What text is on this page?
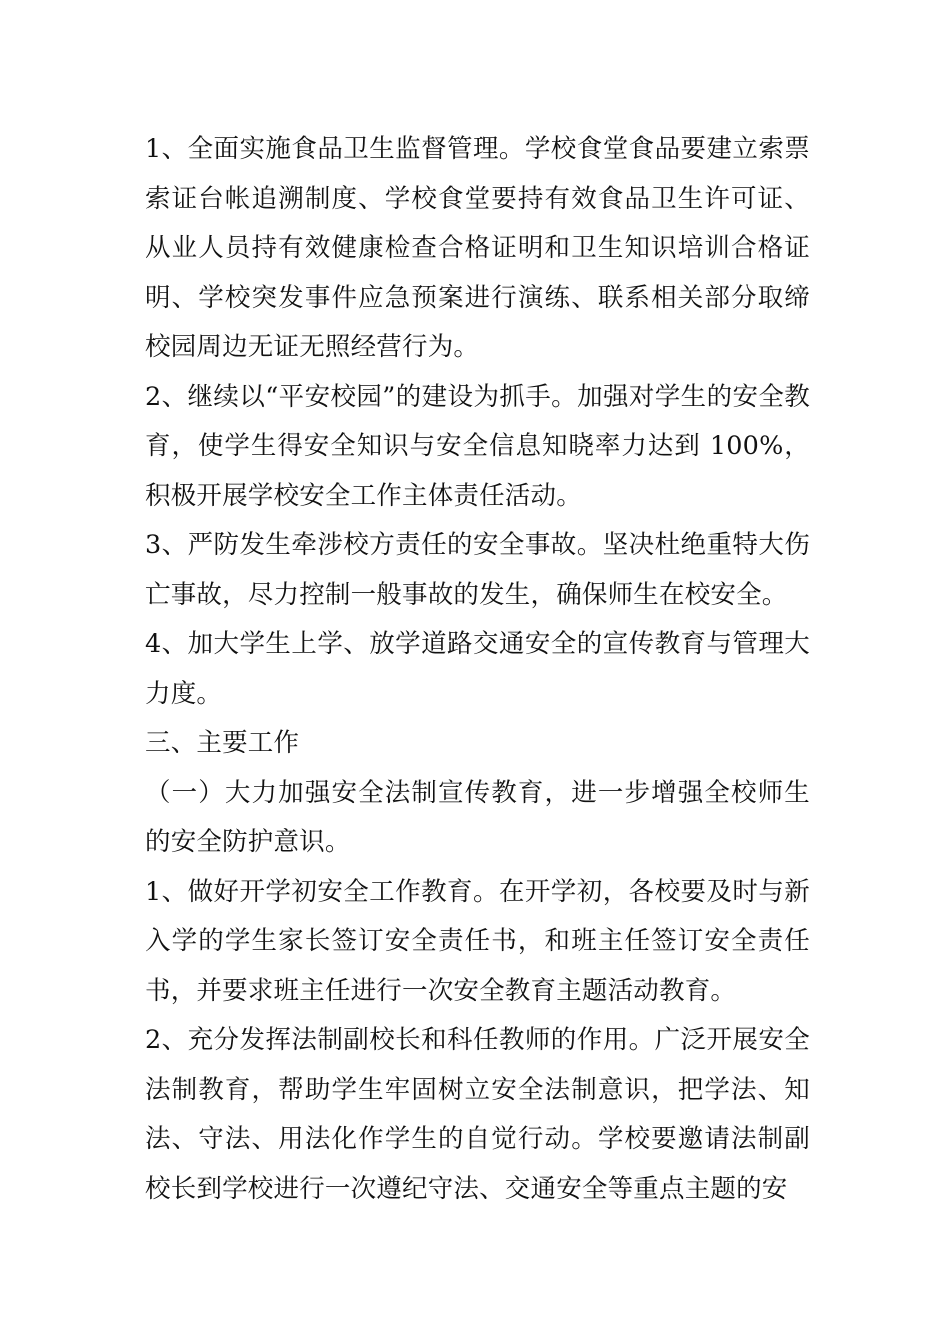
1、全面实施食品卫生监督管理。学校食堂食品要建立索票索证台帐追溯制度、学校食堂要持有效食品卫生许可证、从业人员持有效健康检查合格证明和卫生知识培训合格证明、学校突发事件应急预案进行演练、联系相关部分取缔校园周边无证无照经营行为。

2、继续以“平安校园”的建设为抓手。加强对学生的安全教育，使学生得安全知识与安全信息知晓率力达到 100%，积极开展学校安全工作主体责任活动。

3、严防发生牵涉校方责任的安全事故。坚决杜绝重特大伤亡事故，尽力控制一般事故的发生，确保师生在校安全。

4、加大学生上学、放学道路交通安全的宣传教育与管理大力度。

三、主要工作

（一）大力加强安全法制宣传教育，进一步增强全校师生的安全防护意识。

1、做好开学初安全工作教育。在开学初，各校要及时与新入学的学生家长签订安全责任书，和班主任签订安全责任书，并要求班主任进行一次安全教育主题活动教育。

2、充分发挥法制副校长和科任教师的作用。广泛开展安全法制教育，帮助学生牢固树立安全法制意识，把学法、知法、守法、用法化作学生的自觉行动。学校要邀请法制副校长到学校进行一次遵纪守法、交通安全等重点主题的安
